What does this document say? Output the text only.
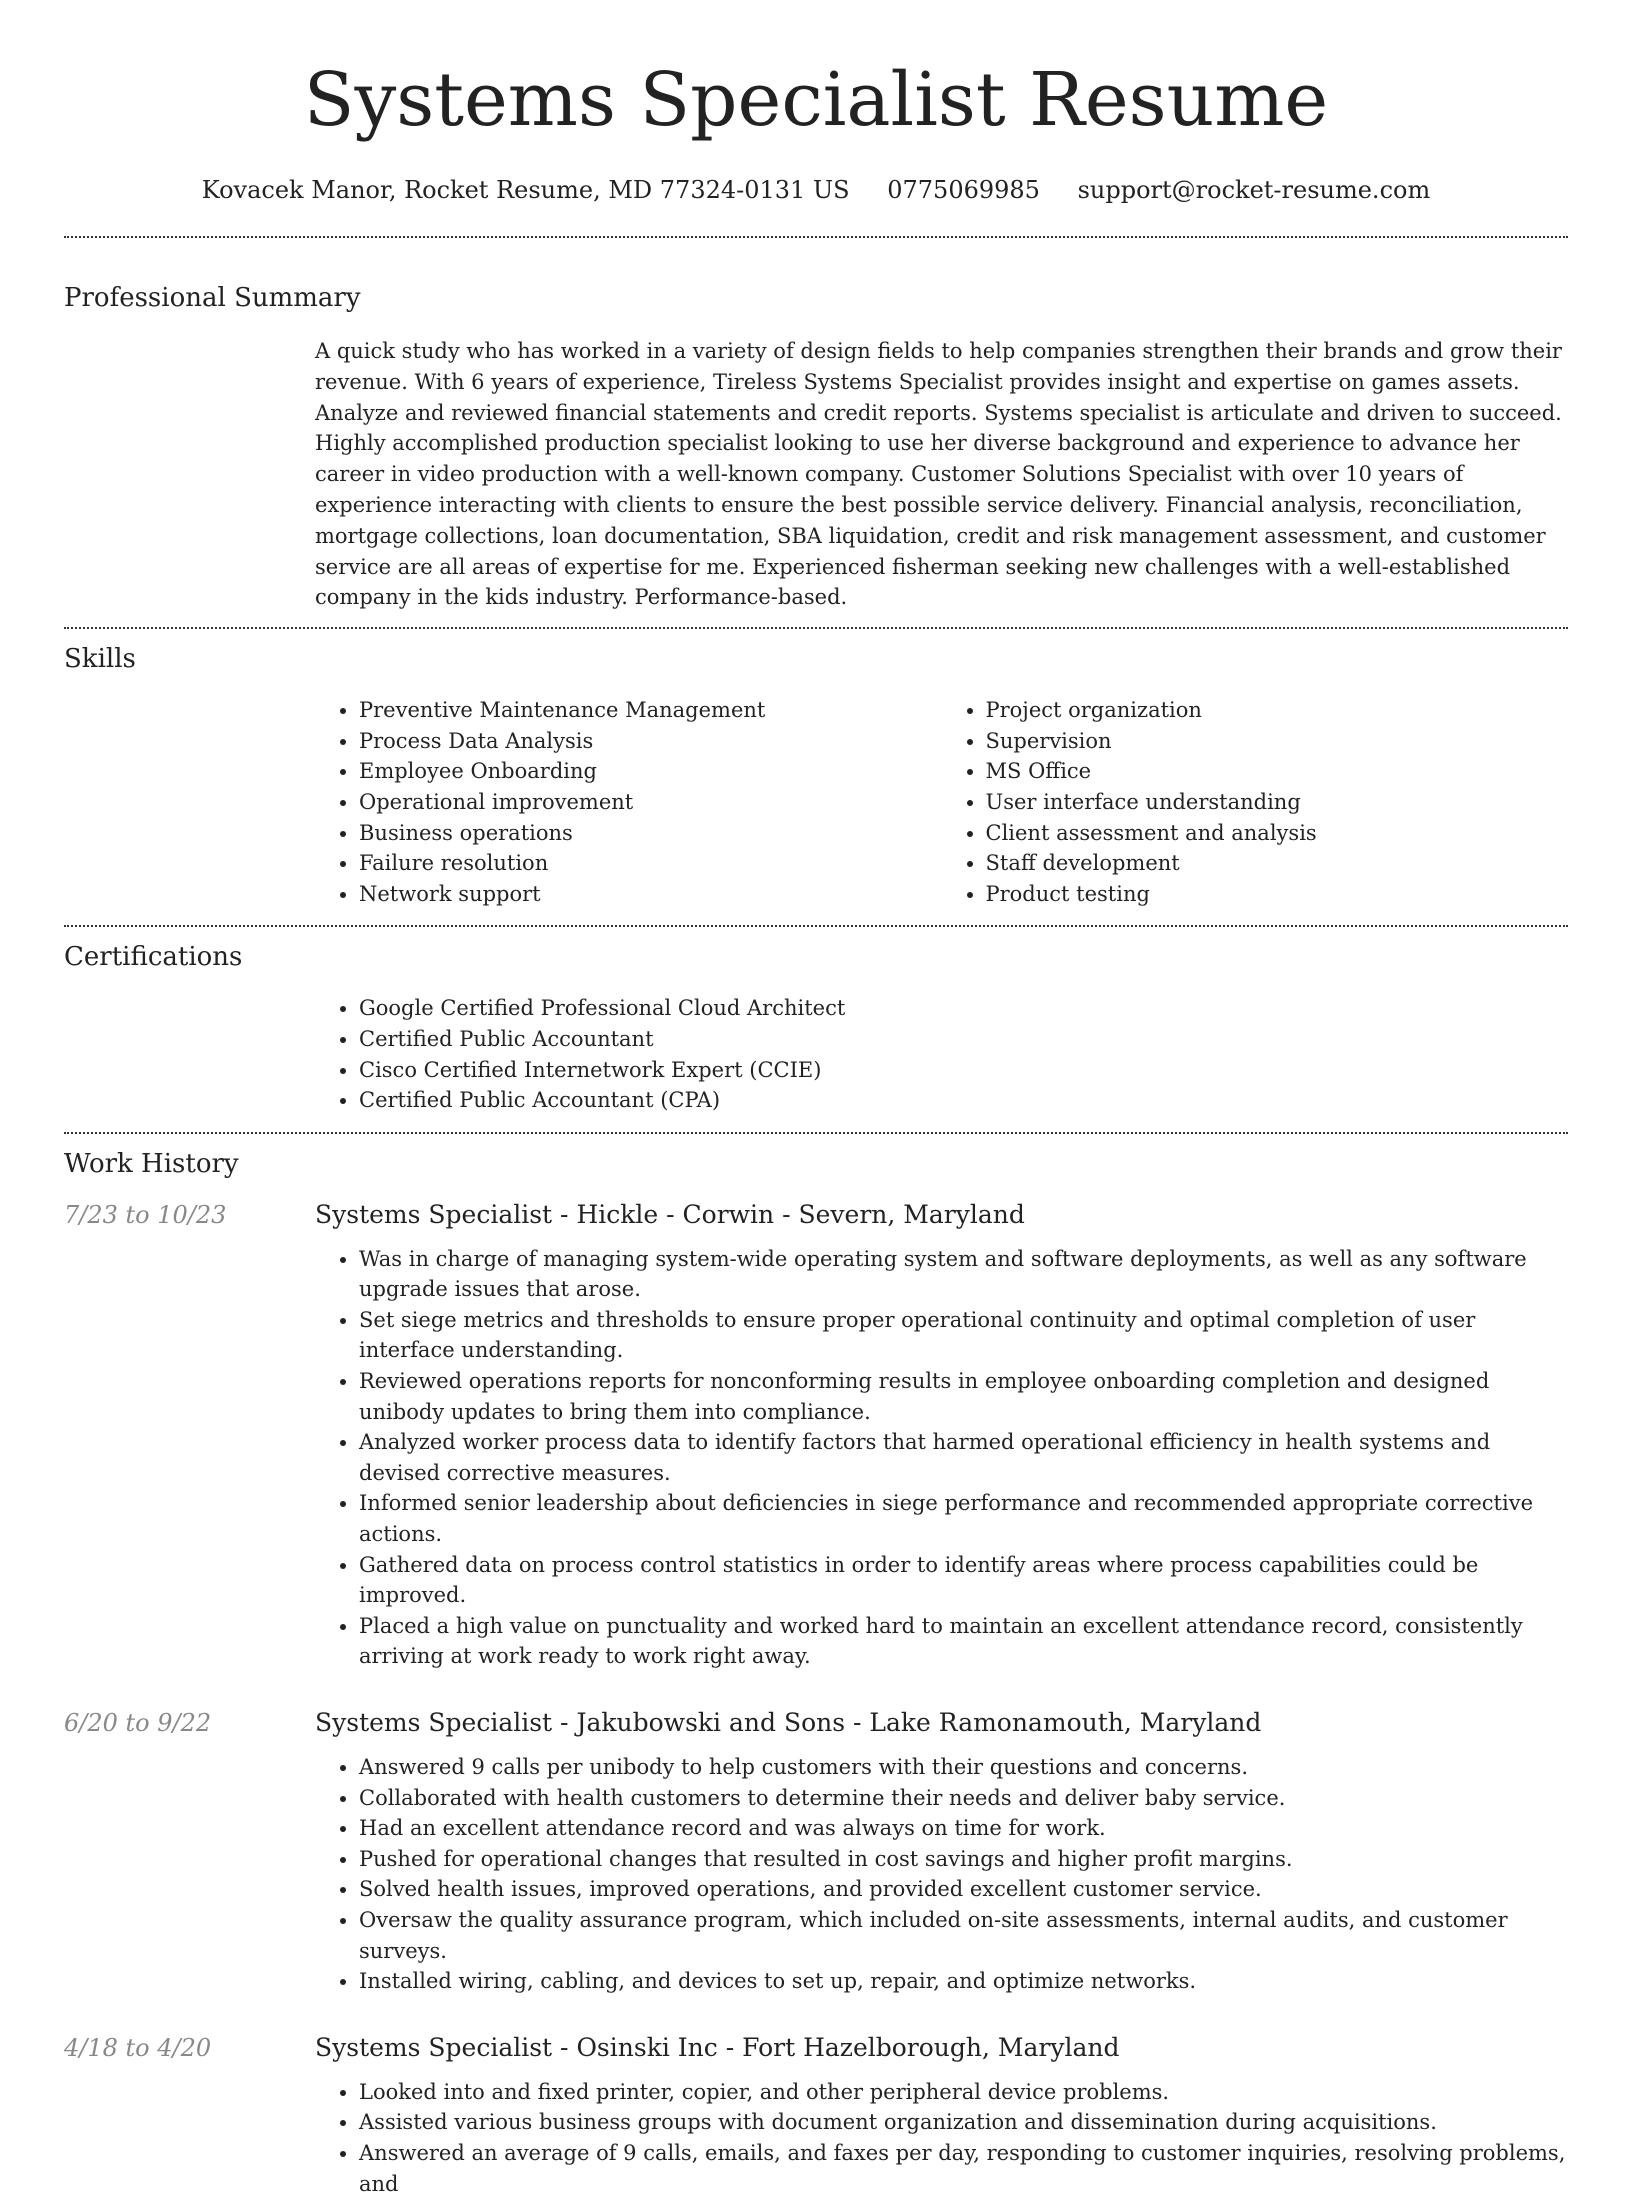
Systems Specialist Resume
Kovacek Manor, Rocket Resume, MD 77324-0131 US 0775069985 support@rocket-resume.com
Professional Summary
A quick study who has worked in a variety of design fields to help companies strengthen their brands and grow their revenue. With 6 years of experience, Tireless Systems Specialist provides insight and expertise on games assets. Analyze and reviewed financial statements and credit reports. Systems specialist is articulate and driven to succeed. Highly accomplished production specialist looking to use her diverse background and experience to advance her career in video production with a well-known company. Customer Solutions Specialist with over 10 years of experience interacting with clients to ensure the best possible service delivery. Financial analysis, reconciliation, mortgage collections, loan documentation, SBA liquidation, credit and risk management assessment, and customer service are all areas of expertise for me. Experienced fisherman seeking new challenges with a well-established company in the kids industry. Performance-based.
Skills
• Preventive Maintenance Management
• Process Data Analysis
• Employee Onboarding
• Operational improvement
• Business operations
• Failure resolution
• Network support
• Project organization
• Supervision
• MS Office
• User interface understanding
• Client assessment and analysis
• Staff development
• Product testing
Certifications
• Google Certified Professional Cloud Architect
• Certified Public Accountant
• Cisco Certified Internetwork Expert (CCIE)
• Certified Public Accountant (CPA)
Work History
7/23 to 10/23	Systems Specialist - Hickle - Corwin - Severn, Maryland
• Was in charge of managing system-wide operating system and software deployments, as well as any software upgrade issues that arose.
• Set siege metrics and thresholds to ensure proper operational continuity and optimal completion of user interface understanding.
• Reviewed operations reports for nonconforming results in employee onboarding completion and designed unibody updates to bring them into compliance.
• Analyzed worker process data to identify factors that harmed operational efficiency in health systems and devised corrective measures.
• Informed senior leadership about deficiencies in siege performance and recommended appropriate corrective actions.
• Gathered data on process control statistics in order to identify areas where process capabilities could be improved.
• Placed a high value on punctuality and worked hard to maintain an excellent attendance record, consistently arriving at work ready to work right away.
6/20 to 9/22	Systems Specialist - Jakubowski and Sons - Lake Ramonamouth, Maryland
• Answered 9 calls per unibody to help customers with their questions and concerns.
• Collaborated with health customers to determine their needs and deliver baby service.
• Had an excellent attendance record and was always on time for work.
• Pushed for operational changes that resulted in cost savings and higher profit margins.
• Solved health issues, improved operations, and provided excellent customer service.
• Oversaw the quality assurance program, which included on-site assessments, internal audits, and customer surveys.
• Installed wiring, cabling, and devices to set up, repair, and optimize networks.
4/18 to 4/20	Systems Specialist - Osinski Inc - Fort Hazelborough, Maryland
• Looked into and fixed printer, copier, and other peripheral device problems.
• Assisted various business groups with document organization and dissemination during acquisitions.
• Answered an average of 9 calls, emails, and faxes per day, responding to customer inquiries, resolving problems, and
